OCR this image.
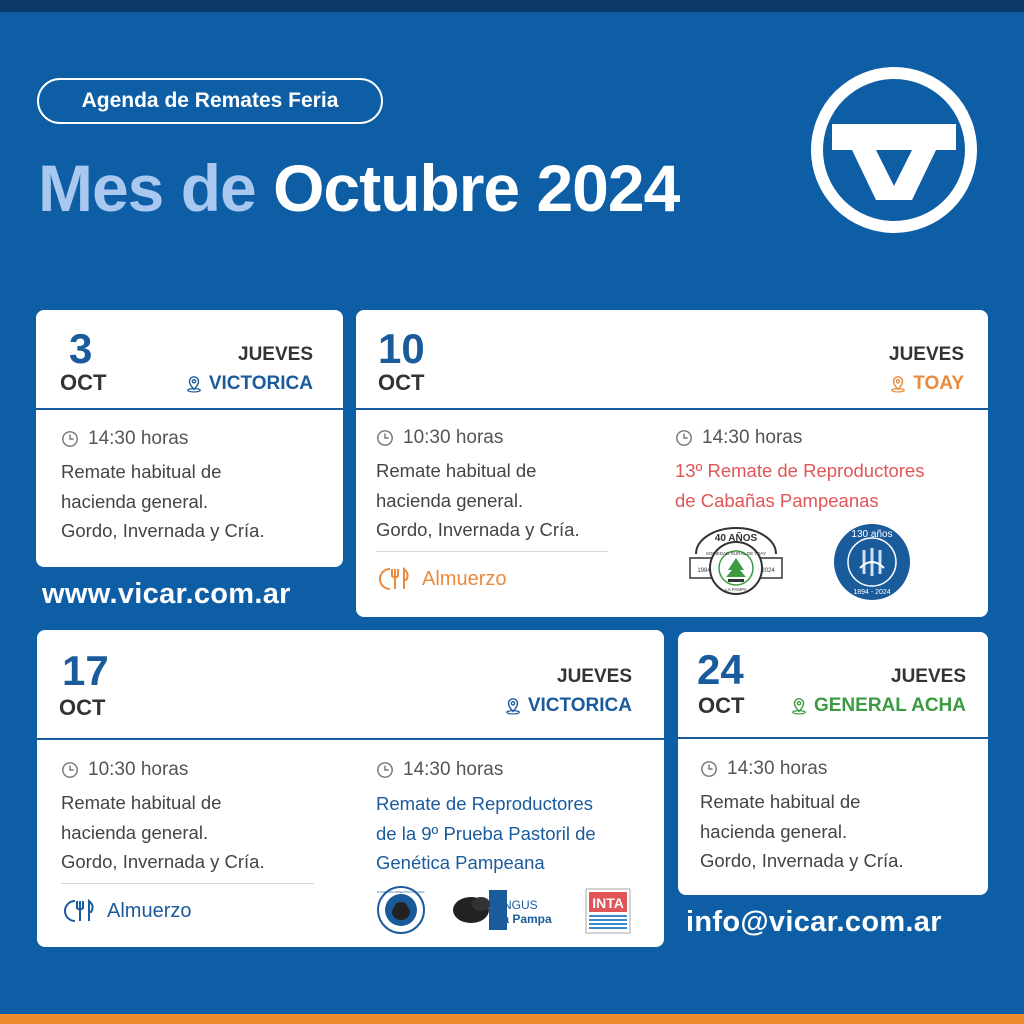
Agenda de Remates Feria
Mes de Octubre 2024
3
OCT
JUEVES
VICTORICA
14:30 horas
Remate habitual de
hacienda general.
Gordo, Invernada y Cría.
www.vicar.com.ar
10
OCT
JUEVES
TOAY
10:30 horas
Remate habitual de
hacienda general.
Gordo, Invernada y Cría.
Almuerzo
14:30 horas
13º Remate de Reproductores
de Cabañas Pampeanas
40 AÑOS
1984	2024
SOCIEDAD RURAL DE TOAY
LA PAMPA
130 años
1894 - 2024
17
OCT
JUEVES
VICTORICA
10:30 horas
Remate habitual de
hacienda general.
Gordo, Invernada y Cría.
Almuerzo
14:30 horas
Remate de Reproductores
de la 9º Prueba Pastoril de
Genética Pampeana
ASOCIACIÓN ARGENTINA DE ANGUS
ANGUS
La Pampa
INTA
24
OCT
JUEVES
GENERAL ACHA
14:30 horas
Remate habitual de
hacienda general.
Gordo, Invernada y Cría.
info@vicar.com.ar
